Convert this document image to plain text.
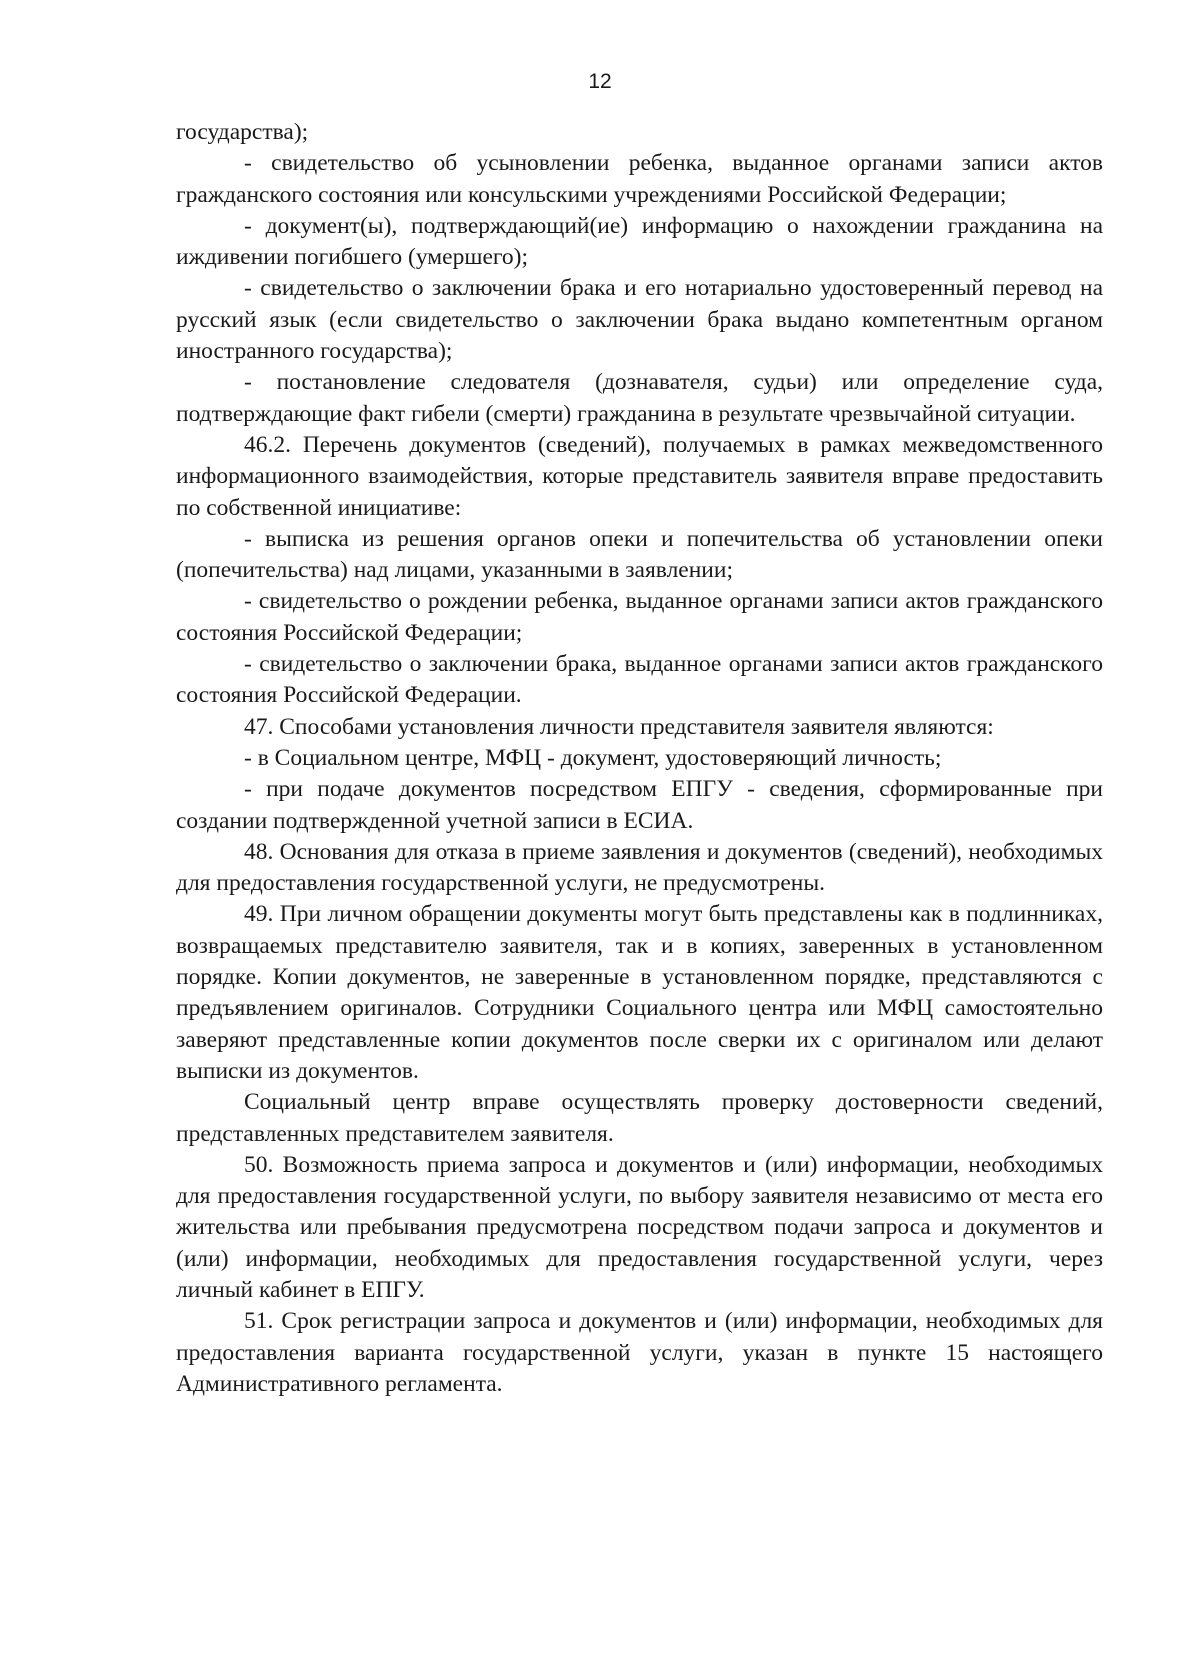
12

государства);

- свидетельство об усыновлении ребенка, выданное органами записи актов гражданского состояния или консульскими учреждениями Российской Федерации;

- документ(ы), подтверждающий(ие) информацию о нахождении гражданина на иждивении погибшего (умершего);

- свидетельство о заключении брака и его нотариально удостоверенный перевод на русский язык (если свидетельство о заключении брака выдано компетентным органом иностранного государства);

- постановление следователя (дознавателя, судьи) или определение суда, подтверждающие факт гибели (смерти) гражданина в результате чрезвычайной ситуации.

46.2. Перечень документов (сведений), получаемых в рамках межведомственного информационного взаимодействия, которые представитель заявителя вправе предоставить по собственной инициативе:

- выписка из решения органов опеки и попечительства об установлении опеки (попечительства) над лицами, указанными в заявлении;

- свидетельство о рождении ребенка, выданное органами записи актов гражданского состояния Российской Федерации;

- свидетельство о заключении брака, выданное органами записи актов гражданского состояния Российской Федерации.

47. Способами установления личности представителя заявителя являются:

- в Социальном центре, МФЦ - документ, удостоверяющий личность;

- при подаче документов посредством ЕПГУ - сведения, сформированные при создании подтвержденной учетной записи в ЕСИА.

48. Основания для отказа в приеме заявления и документов (сведений), необходимых для предоставления государственной услуги, не предусмотрены.

49. При личном обращении документы могут быть представлены как в подлинниках, возвращаемых представителю заявителя, так и в копиях, заверенных в установленном порядке. Копии документов, не заверенные в установленном порядке, представляются с предъявлением оригиналов. Сотрудники Социального центра или МФЦ самостоятельно заверяют представленные копии документов после сверки их с оригиналом или делают выписки из документов.

Социальный центр вправе осуществлять проверку достоверности сведений, представленных представителем заявителя.

50. Возможность приема запроса и документов и (или) информации, необходимых для предоставления государственной услуги, по выбору заявителя независимо от места его жительства или пребывания предусмотрена посредством подачи запроса и документов и (или) информации, необходимых для предоставления государственной услуги, через личный кабинет в ЕПГУ.

51. Срок регистрации запроса и документов и (или) информации, необходимых для предоставления варианта государственной услуги, указан в пункте 15 настоящего Административного регламента.
